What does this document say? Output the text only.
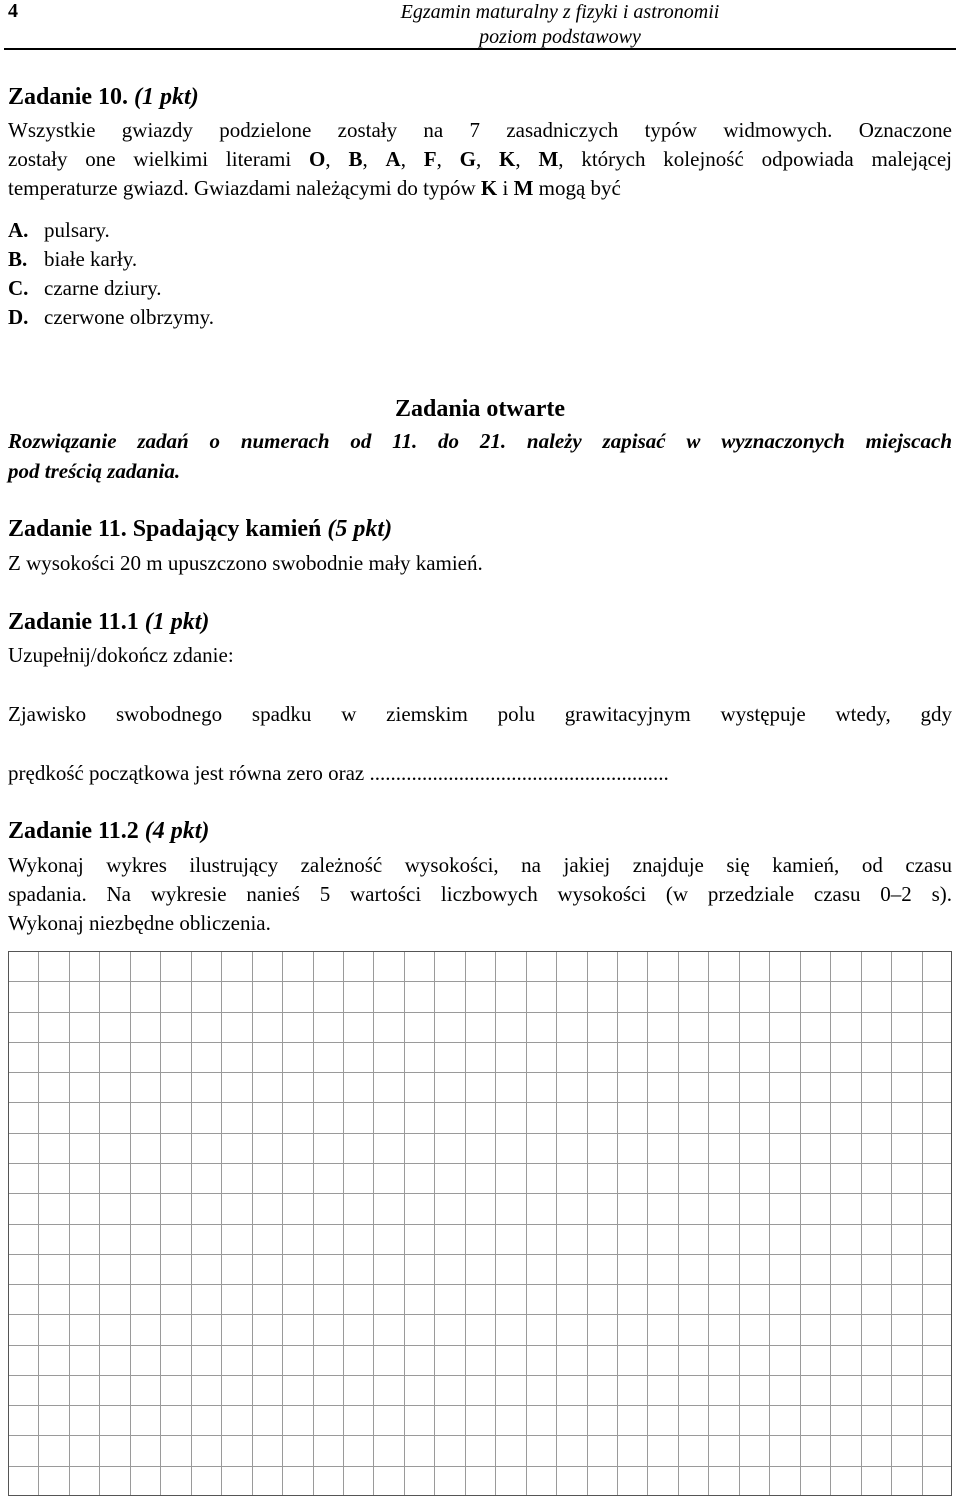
4	Egzamin maturalny z fizyki i astronomii
poziom podstawowy
Zadanie 10. (1 pkt)
Wszystkie gwiazdy podzielone zostały na 7 zasadniczych typów widmowych. Oznaczone
zostały one wielkimi literami O, B, A, F, G, K, M, których kolejność odpowiada malejącej
temperaturze gwiazd. Gwiazdami należącymi do typów K i M mogą być
A. pulsary.
B. białe karły.
C. czarne dziury.
D. czerwone olbrzymy.
Zadania otwarte
Rozwiązanie zadań o numerach od 11. do 21. należy zapisać w wyznaczonych miejscach
pod treścią zadania.
Zadanie 11. Spadający kamień (5 pkt)
Z wysokości 20 m upuszczono swobodnie mały kamień.
Zadanie 11.1 (1 pkt)
Uzupełnij/dokończ zdanie:
Zjawisko swobodnego spadku w ziemskim polu grawitacyjnym występuje wtedy, gdy
prędkość początkowa jest równa zero oraz .........................................................
Zadanie 11.2 (4 pkt)
Wykonaj wykres ilustrujący zależność wysokości, na jakiej znajduje się kamień, od czasu
spadania. Na wykresie nanieś 5 wartości liczbowych wysokości (w przedziale czasu 0–2 s).
Wykonaj niezbędne obliczenia.
